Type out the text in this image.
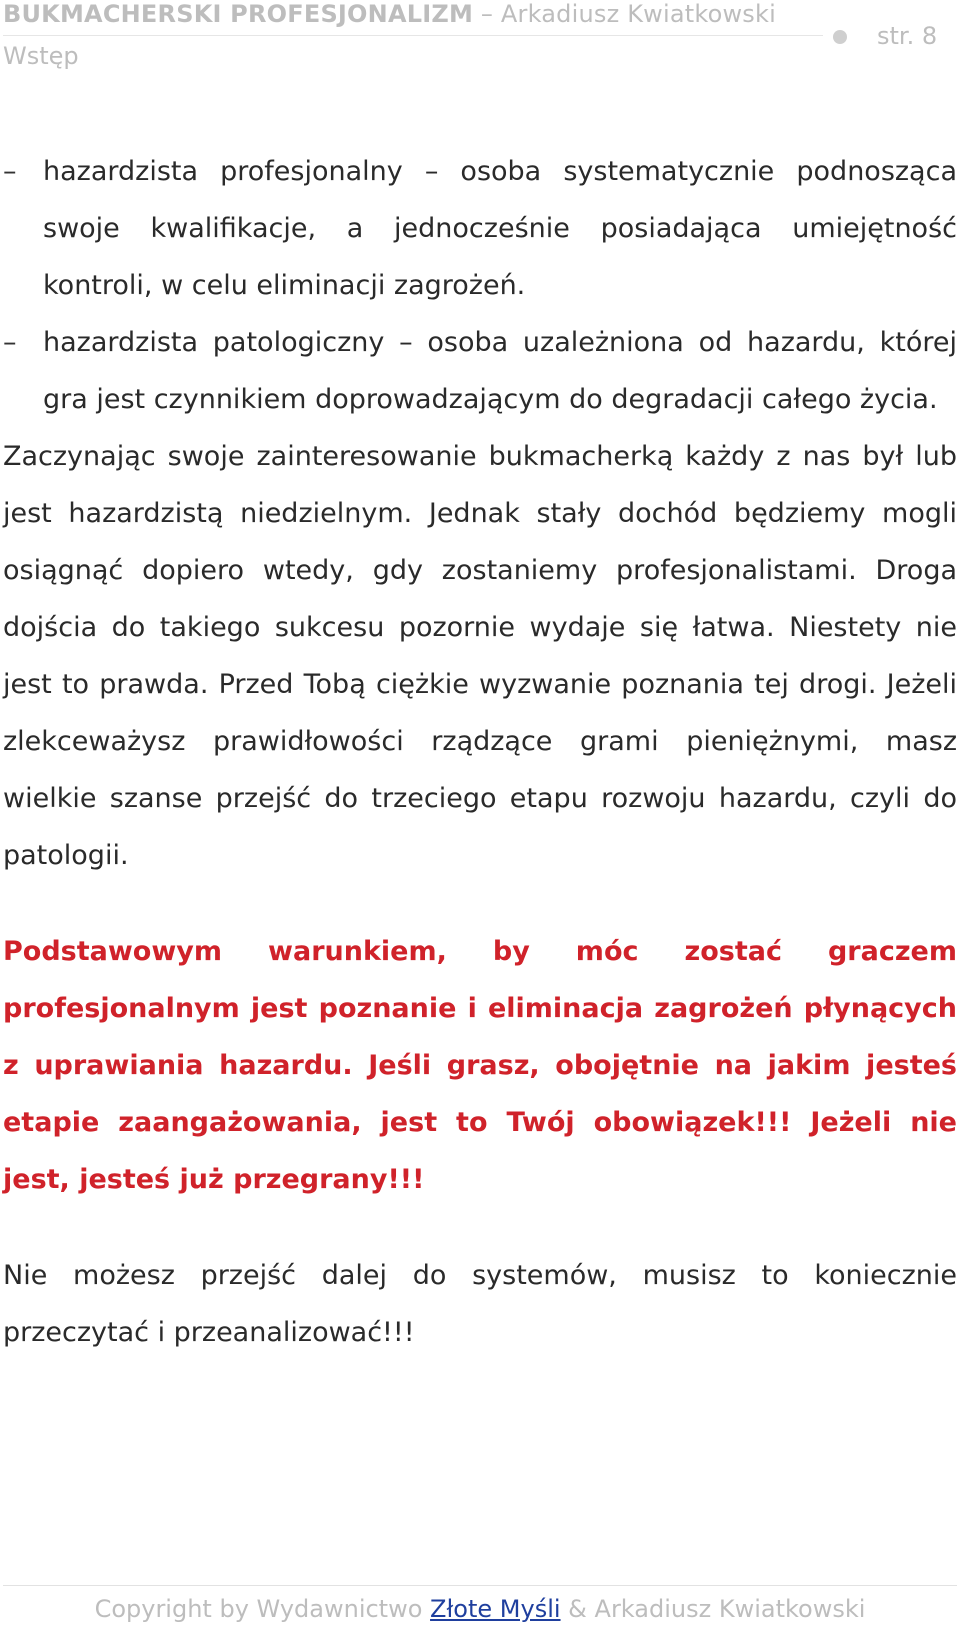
BUKMACHERSKI PROFESJONALIZM – Arkadiusz Kwiatkowski
str. 8
Wstęp

– hazardzista profesjonalny – osoba systematycznie podnosząca swoje kwalifikacje, a jednocześnie posiadająca umiejętność kontroli, w celu eliminacji zagrożeń.

– hazardzista patologiczny – osoba uzależniona od hazardu, której gra jest czynnikiem doprowadzającym do degradacji całego życia.

Zaczynając swoje zainteresowanie bukmacherką każdy z nas był lub jest hazardzistą niedzielnym. Jednak stały dochód będziemy mogli osiągnąć dopiero wtedy, gdy zostaniemy profesjonalistami. Droga dojścia do takiego sukcesu pozornie wydaje się łatwa. Niestety nie jest to prawda. Przed Tobą ciężkie wyzwanie poznania tej drogi. Jeżeli zlekceważysz prawidłowości rządzące grami pieniężnymi, masz wielkie szanse przejść do trzeciego etapu rozwoju hazardu, czyli do patologii.

Podstawowym warunkiem, by móc zostać graczem profesjonalnym jest poznanie i eliminacja zagrożeń płynących z uprawiania hazardu. Jeśli grasz, obojętnie na jakim jesteś etapie zaangażowania, jest to Twój obowiązek!!! Jeżeli nie jest, jesteś już przegrany!!!

Nie możesz przejść dalej do systemów, musisz to koniecznie przeczytać i przeanalizować!!!

Copyright by Wydawnictwo Złote Myśli & Arkadiusz Kwiatkowski
